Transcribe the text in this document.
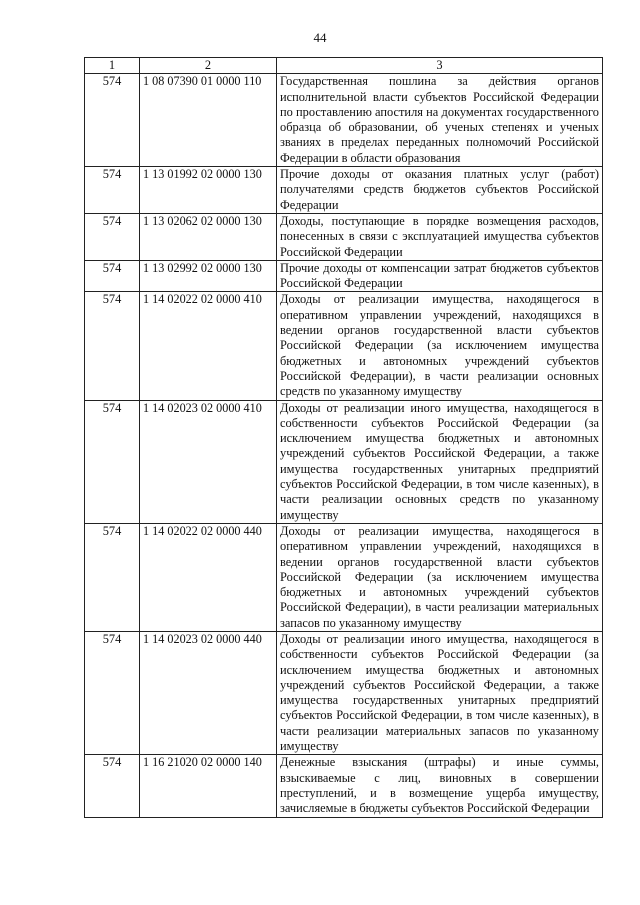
44
1	2	3
574	1 08 07390 01 0000 110	Государственная пошлина за действия органов исполнительной власти субъектов Российской Федерации по проставлению апостиля на документах государственного образца об образовании, об ученых степенях и ученых званиях в пределах переданных полномочий Российской Федерации в области образования
574	1 13 01992 02 0000 130	Прочие доходы от оказания платных услуг (работ) получателями средств бюджетов субъектов Российской Федерации
574	1 13 02062 02 0000 130	Доходы, поступающие в порядке возмещения расходов, понесенных в связи с эксплуатацией имущества субъектов Российской Федерации
574	1 13 02992 02 0000 130	Прочие доходы от компенсации затрат бюджетов субъектов Российской Федерации
574	1 14 02022 02 0000 410	Доходы от реализации имущества, находящегося в оперативном управлении учреждений, находящихся в ведении органов государственной власти субъектов Российской Федерации (за исключением имущества бюджетных и автономных учреждений субъектов Российской Федерации), в части реализации основных средств по указанному имуществу
574	1 14 02023 02 0000 410	Доходы от реализации иного имущества, находящегося в собственности субъектов Российской Федерации (за исключением имущества бюджетных и автономных учреждений субъектов Российской Федерации, а также имущества государственных унитарных предприятий субъектов Российской Федерации, в том числе казенных), в части реализации основных средств по указанному имуществу
574	1 14 02022 02 0000 440	Доходы от реализации имущества, находящегося в оперативном управлении учреждений, находящихся в ведении органов государственной власти субъектов Российской Федерации (за исключением имущества бюджетных и автономных учреждений субъектов Российской Федерации), в части реализации материальных запасов по указанному имуществу
574	1 14 02023 02 0000 440	Доходы от реализации иного имущества, находящегося в собственности субъектов Российской Федерации (за исключением имущества бюджетных и автономных учреждений субъектов Российской Федерации, а также имущества государственных унитарных предприятий субъектов Российской Федерации, в том числе казенных), в части реализации материальных запасов по указанному имуществу
574	1 16 21020 02 0000 140	Денежные взыскания (штрафы) и иные суммы, взыскиваемые с лиц, виновных в совершении преступлений, и в возмещение ущерба имуществу, зачисляемые в бюджеты субъектов Российской Федерации
